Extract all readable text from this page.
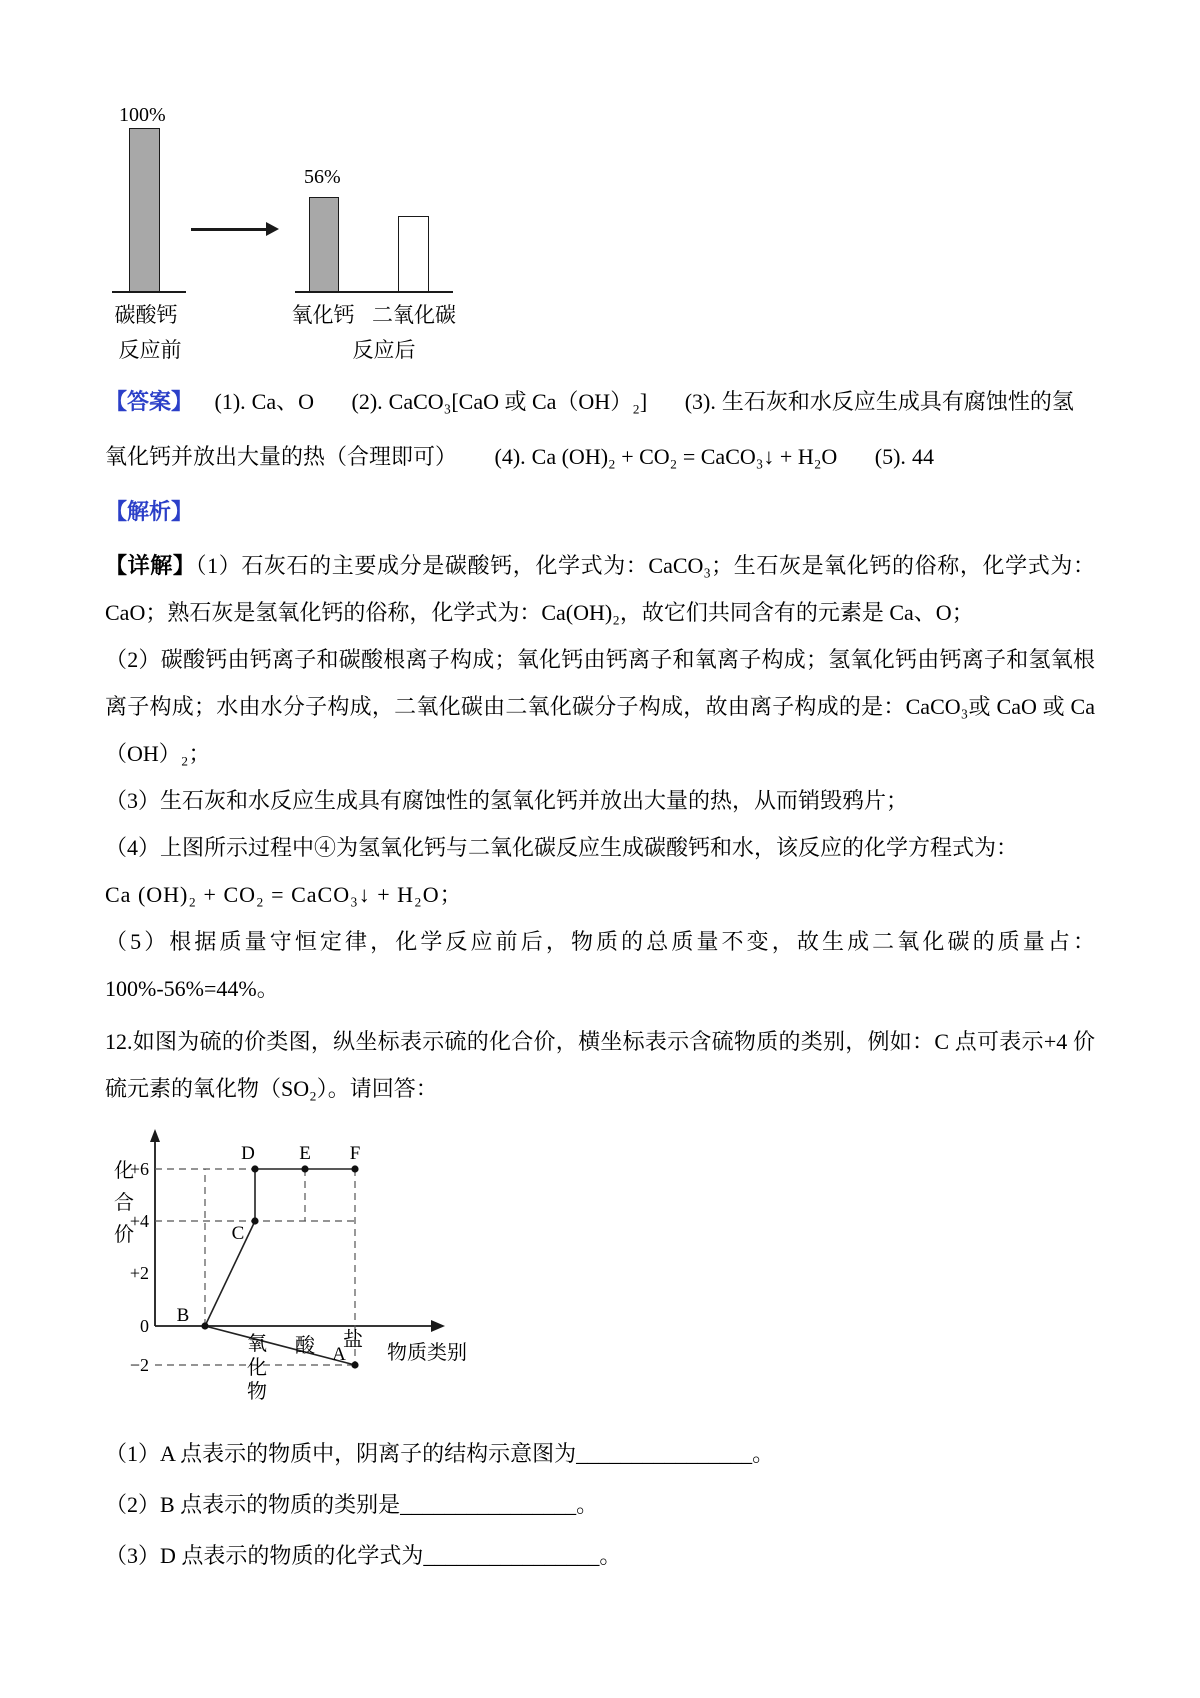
100%
56%
碳酸钙	氧化钙 二氧化碳
反应前	反应后

【答案】 (1). Ca、O (2). CaCO₃[CaO 或 Ca（OH）₂] (3). 生石灰和水反应生成具有腐蚀性的氢氧化钙并放出大量的热（合理即可） (4). Ca (OH)₂ + CO₂ = CaCO₃↓ + H₂O (5). 44

【解析】

【详解】（1）石灰石的主要成分是碳酸钙，化学式为：CaCO₃；生石灰是氧化钙的俗称，化学式为：CaO；熟石灰是氢氧化钙的俗称，化学式为：Ca(OH)₂，故它们共同含有的元素是 Ca、O；

（2）碳酸钙由钙离子和碳酸根离子构成；氧化钙由钙离子和氧离子构成；氢氧化钙由钙离子和氢氧根离子构成；水由水分子构成，二氧化碳由二氧化碳分子构成，故由离子构成的是：CaCO₃或 CaO 或 Ca（OH）₂；

（3）生石灰和水反应生成具有腐蚀性的氢氧化钙并放出大量的热，从而销毁鸦片；

（4）上图所示过程中④为氢氧化钙与二氧化碳反应生成碳酸钙和水，该反应的化学方程式为：

Ca (OH)₂ + CO₂ = CaCO₃↓ + H₂O；

（5）根据质量守恒定律，化学反应前后，物质的总质量不变，故生成二氧化碳的质量占：100%-56%=44%。

12.如图为硫的价类图，纵坐标表示硫的化合价，横坐标表示含硫物质的类别，例如：C 点可表示+4 价硫元素的氧化物（SO₂）。请回答：

D E F
C
B
A
化
合
价
+6
+4
+2
0
−2
氧
化
物
酸 盐
物质类别

（1）A 点表示的物质中，阴离子的结构示意图为________________。

（2）B 点表示的物质的类别是________________。

（3）D 点表示的物质的化学式为________________。
